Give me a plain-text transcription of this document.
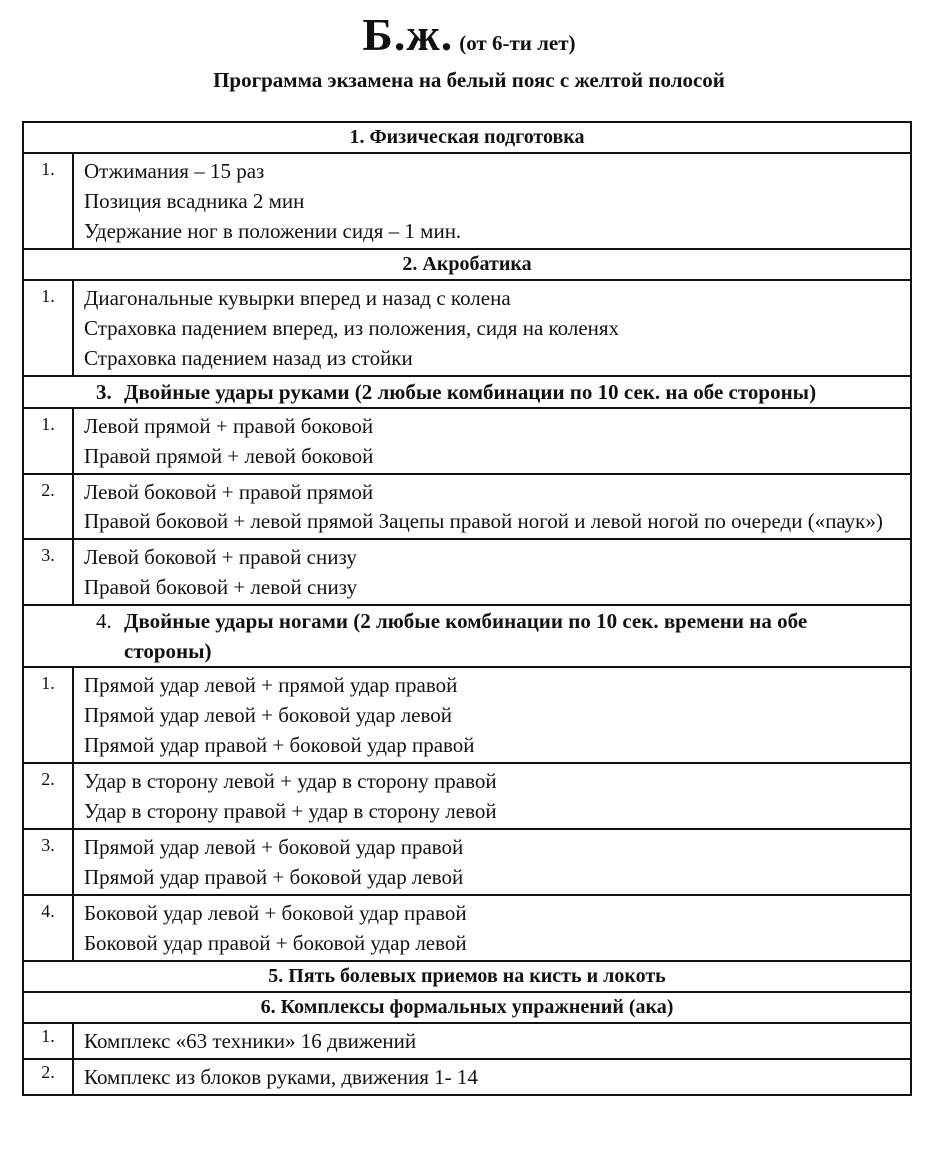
Б.ж. (от 6-ти лет)
Программа экзамена на белый пояс с желтой полосой
1. Физическая подготовка
1.	Отжимания – 15 раз
Позиция всадника 2 мин
Удержание ног в положении сидя – 1 мин.
2. Акробатика
1.	Диагональные кувырки вперед и назад с колена
Страховка падением вперед, из положения, сидя на коленях
Страховка падением назад из стойки
3. Двойные удары руками (2 любые комбинации по 10 сек. на обе стороны)
1.	Левой прямой + правой боковой
Правой прямой + левой боковой
2.	Левой боковой + правой прямой
Правой боковой + левой прямой Зацепы правой ногой и левой ногой по очереди («паук»)
3.	Левой боковой + правой снизу
Правой боковой + левой снизу
4. Двойные удары ногами (2 любые комбинации по 10 сек. времени на обе стороны)
1.	Прямой удар левой + прямой удар правой
Прямой удар левой + боковой удар левой
Прямой удар правой + боковой удар правой
2.	Удар в сторону левой + удар в сторону правой
Удар в сторону правой + удар в сторону левой
3.	Прямой удар левой + боковой удар правой
Прямой удар правой + боковой удар левой
4.	Боковой удар левой + боковой удар правой
Боковой удар правой + боковой удар левой
5. Пять болевых приемов на кисть и локоть
6. Комплексы формальных упражнений (ака)
1.	Комплекс «63 техники» 16 движений
2.	Комплекс из блоков руками, движения 1- 14
